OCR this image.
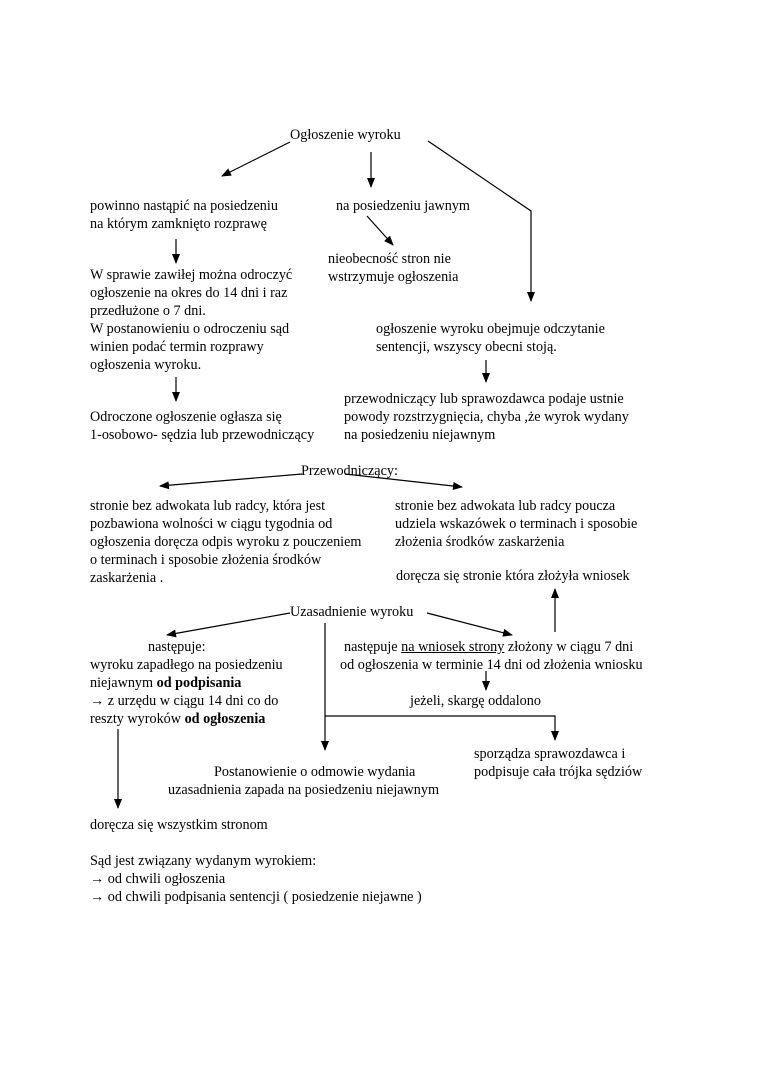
Ogłoszenie wyroku
powinno nastąpić na posiedzeniu
na którym zamknięto rozprawę
W sprawie zawiłej można odroczyć
ogłoszenie na okres do 14 dni i raz
przedłużone o 7 dni.
W postanowieniu o odroczeniu sąd
winien podać termin rozprawy
ogłoszenia wyroku.
Odroczone ogłoszenie ogłasza się
1-osobowo- sędzia lub przewodniczący
na posiedzeniu jawnym
nieobecność stron nie
wstrzymuje ogłoszenia
ogłoszenie wyroku obejmuje odczytanie
sentencji, wszyscy obecni stoją.
przewodniczący lub sprawozdawca podaje ustnie
powody rozstrzygnięcia, chyba ,że wyrok wydany
na posiedzeniu niejawnym
Przewodniczący:
stronie bez adwokata lub radcy, która jest
pozbawiona wolności w ciągu tygodnia od
ogłoszenia doręcza odpis wyroku z pouczeniem
o terminach i sposobie złożenia środków
zaskarżenia .
stronie bez adwokata lub radcy poucza
udziela wskazówek o terminach i sposobie
złożenia środków zaskarżenia
doręcza się stronie która złożyła wniosek
Uzasadnienie wyroku
następuje:
wyroku zapadłego na posiedzeniu
niejawnym od podpisania
→ z urzędu w ciągu 14 dni co do
reszty wyroków od ogłoszenia
następuje na wniosek strony złożony w ciągu 7 dni
od ogłoszenia w terminie 14 dni od złożenia wniosku
jeżeli, skargę oddalono
sporządza sprawozdawca i
podpisuje cała trójka sędziów
Postanowienie o odmowie wydania
uzasadnienia zapada na posiedzeniu niejawnym
doręcza się wszystkim stronom
Sąd jest związany wydanym wyrokiem:
→ od chwili ogłoszenia
→ od chwili podpisania sentencji ( posiedzenie niejawne )
